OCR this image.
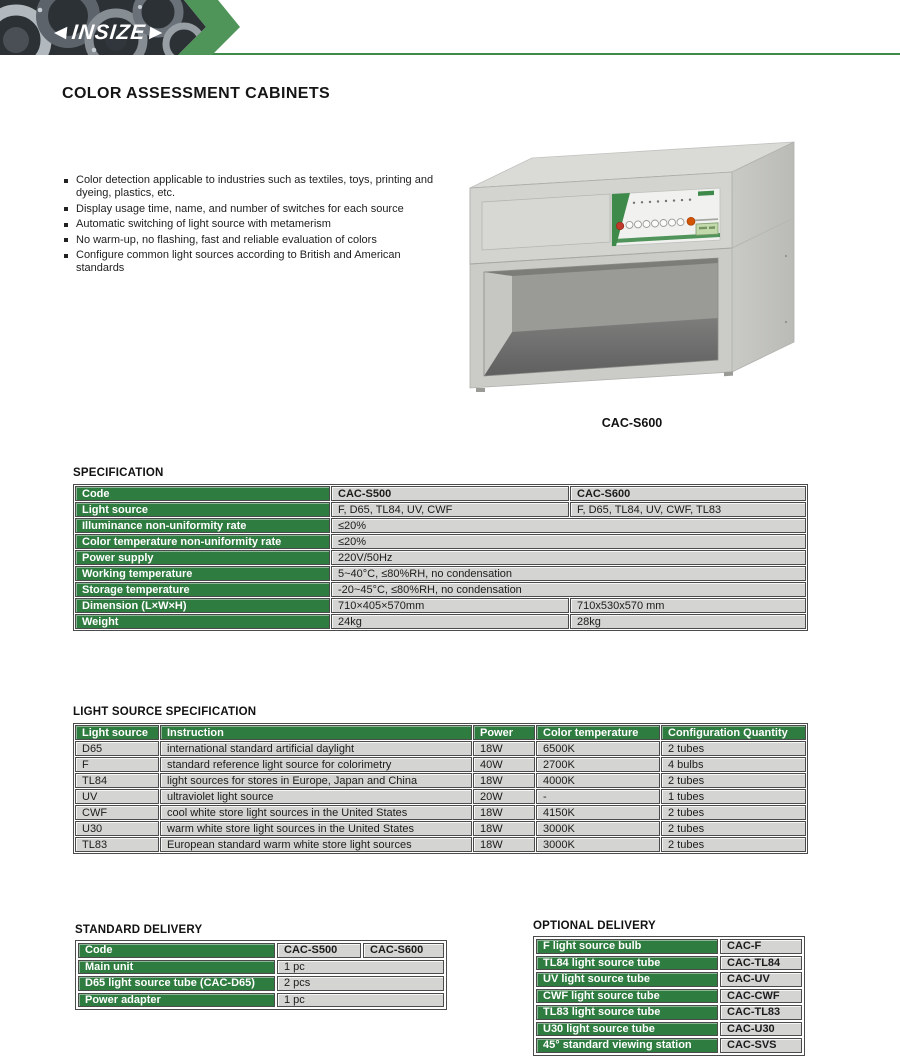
◄INSIZE►
COLOR ASSESSMENT CABINETS
Color detection applicable to industries such as textiles, toys, printing and dyeing, plastics, etc.
Display usage time, name, and number of switches for each source
Automatic switching of light source with metamerism
No warm-up, no flashing, fast and reliable evaluation of colors
Configure common light sources according to British and American standards
CAC-S600
SPECIFICATION
Code	CAC-S500	CAC-S600
Light source	F, D65, TL84, UV, CWF	F, D65, TL84, UV, CWF, TL83
Illuminance non-uniformity rate	≤20%	
Color temperature non-uniformity rate	≤20%	
Power supply	220V/50Hz	
Working temperature	5~40°C, ≤80%RH, no condensation	
Storage temperature	-20~45°C, ≤80%RH, no condensation	
Dimension (L×W×H)	710×405×570mm	710x530x570 mm
Weight	24kg	28kg
LIGHT SOURCE SPECIFICATION
Light source	Instruction	Power	Color temperature	Configuration Quantity
D65	international standard artificial daylight	18W	6500K	2 tubes
F	standard reference light source for colorimetry	40W	2700K	4 bulbs
TL84	light sources for stores in Europe, Japan and China	18W	4000K	2 tubes
UV	ultraviolet light source	20W	-	1 tubes
CWF	cool white store light sources in the United States	18W	4150K	2 tubes
U30	warm white store light sources in the United States	18W	3000K	2 tubes
TL83	European standard warm white store light sources	18W	3000K	2 tubes
STANDARD DELIVERY
Code	CAC-S500	CAC-S600
Main unit	1 pc	
D65 light source tube (CAC-D65)	2 pcs	
Power adapter	1 pc	
OPTIONAL DELIVERY
F light source bulb	CAC-F
TL84 light source tube	CAC-TL84
UV light source tube	CAC-UV
CWF light source tube	CAC-CWF
TL83 light source tube	CAC-TL83
U30 light source tube	CAC-U30
45° standard viewing station	CAC-SVS
